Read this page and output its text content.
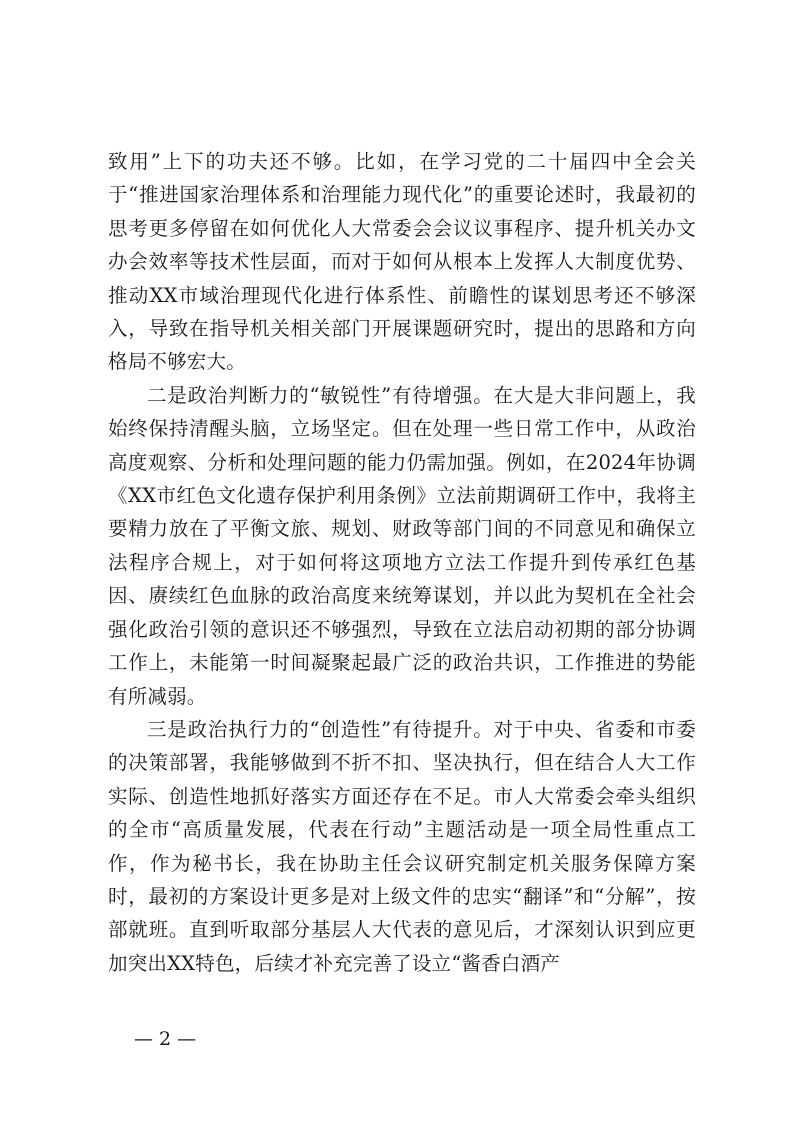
致用”上下的功夫还不够。比如，在学习党的二十届四中全会关于“推进国家治理体系和治理能力现代化”的重要论述时，我最初的思考更多停留在如何优化人大常委会会议议事程序、提升机关办文办会效率等技术性层面，而对于如何从根本上发挥人大制度优势、推动XX市域治理现代化进行体系性、前瞻性的谋划思考还不够深入，导致在指导机关相关部门开展课题研究时，提出的思路和方向格局不够宏大。

二是政治判断力的“敏锐性”有待增强。在大是大非问题上，我始终保持清醒头脑，立场坚定。但在处理一些日常工作中，从政治高度观察、分析和处理问题的能力仍需加强。例如，在2024年协调《XX市红色文化遗存保护利用条例》立法前期调研工作中，我将主要精力放在了平衡文旅、规划、财政等部门间的不同意见和确保立法程序合规上，对于如何将这项地方立法工作提升到传承红色基因、赓续红色血脉的政治高度来统筹谋划，并以此为契机在全社会强化政治引领的意识还不够强烈，导致在立法启动初期的部分协调工作上，未能第一时间凝聚起最广泛的政治共识，工作推进的势能有所减弱。

三是政治执行力的“创造性”有待提升。对于中央、省委和市委的决策部署，我能够做到不折不扣、坚决执行，但在结合人大工作实际、创造性地抓好落实方面还存在不足。市人大常委会牵头组织的全市“高质量发展，代表在行动”主题活动是一项全局性重点工作，作为秘书长，我在协助主任会议研究制定机关服务保障方案时，最初的方案设计更多是对上级文件的忠实“翻译”和“分解”，按部就班。直到听取部分基层人大代表的意见后，才深刻认识到应更加突出XX特色，后续才补充完善了设立“酱香白酒产

— 2 —
